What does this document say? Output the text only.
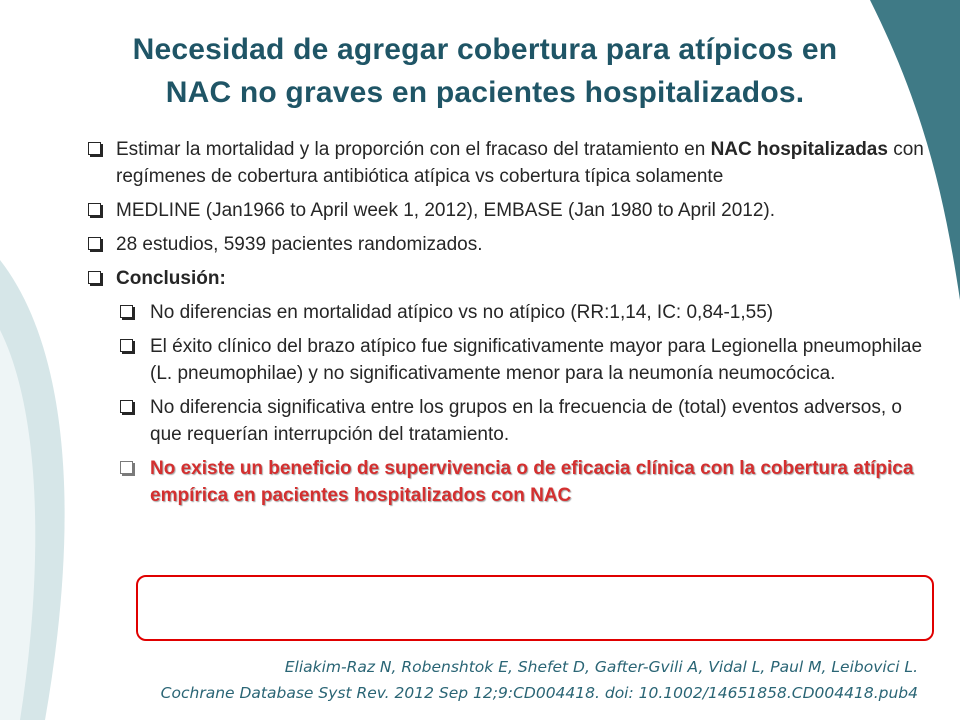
Necesidad de agregar cobertura para atípicos en
NAC no graves en pacientes hospitalizados.
Estimar la mortalidad y la proporción con el fracaso del tratamiento en NAC hospitalizadas con regímenes de cobertura antibiótica atípica vs cobertura típica solamente
MEDLINE (Jan1966 to April week 1, 2012), EMBASE (Jan 1980 to April 2012).
28 estudios, 5939 pacientes randomizados.
Conclusión:
No diferencias en mortalidad atípico vs no atípico (RR:1,14, IC: 0,84-1,55)
El éxito clínico del brazo atípico fue significativamente mayor para Legionella pneumophilae (L. pneumophilae) y no significativamente menor para la neumonía neumocócica.
No diferencia significativa entre los grupos en la frecuencia de (total) eventos adversos, o que requerían interrupción del tratamiento.
No existe un beneficio de supervivencia o de eficacia clínica con la cobertura atípica empírica en pacientes hospitalizados con NAC
Eliakim-Raz N, Robenshtok E, Shefet D, Gafter-Gvili A, Vidal L, Paul M, Leibovici L.
Cochrane Database Syst Rev. 2012 Sep 12;9:CD004418. doi: 10.1002/14651858.CD004418.pub4
